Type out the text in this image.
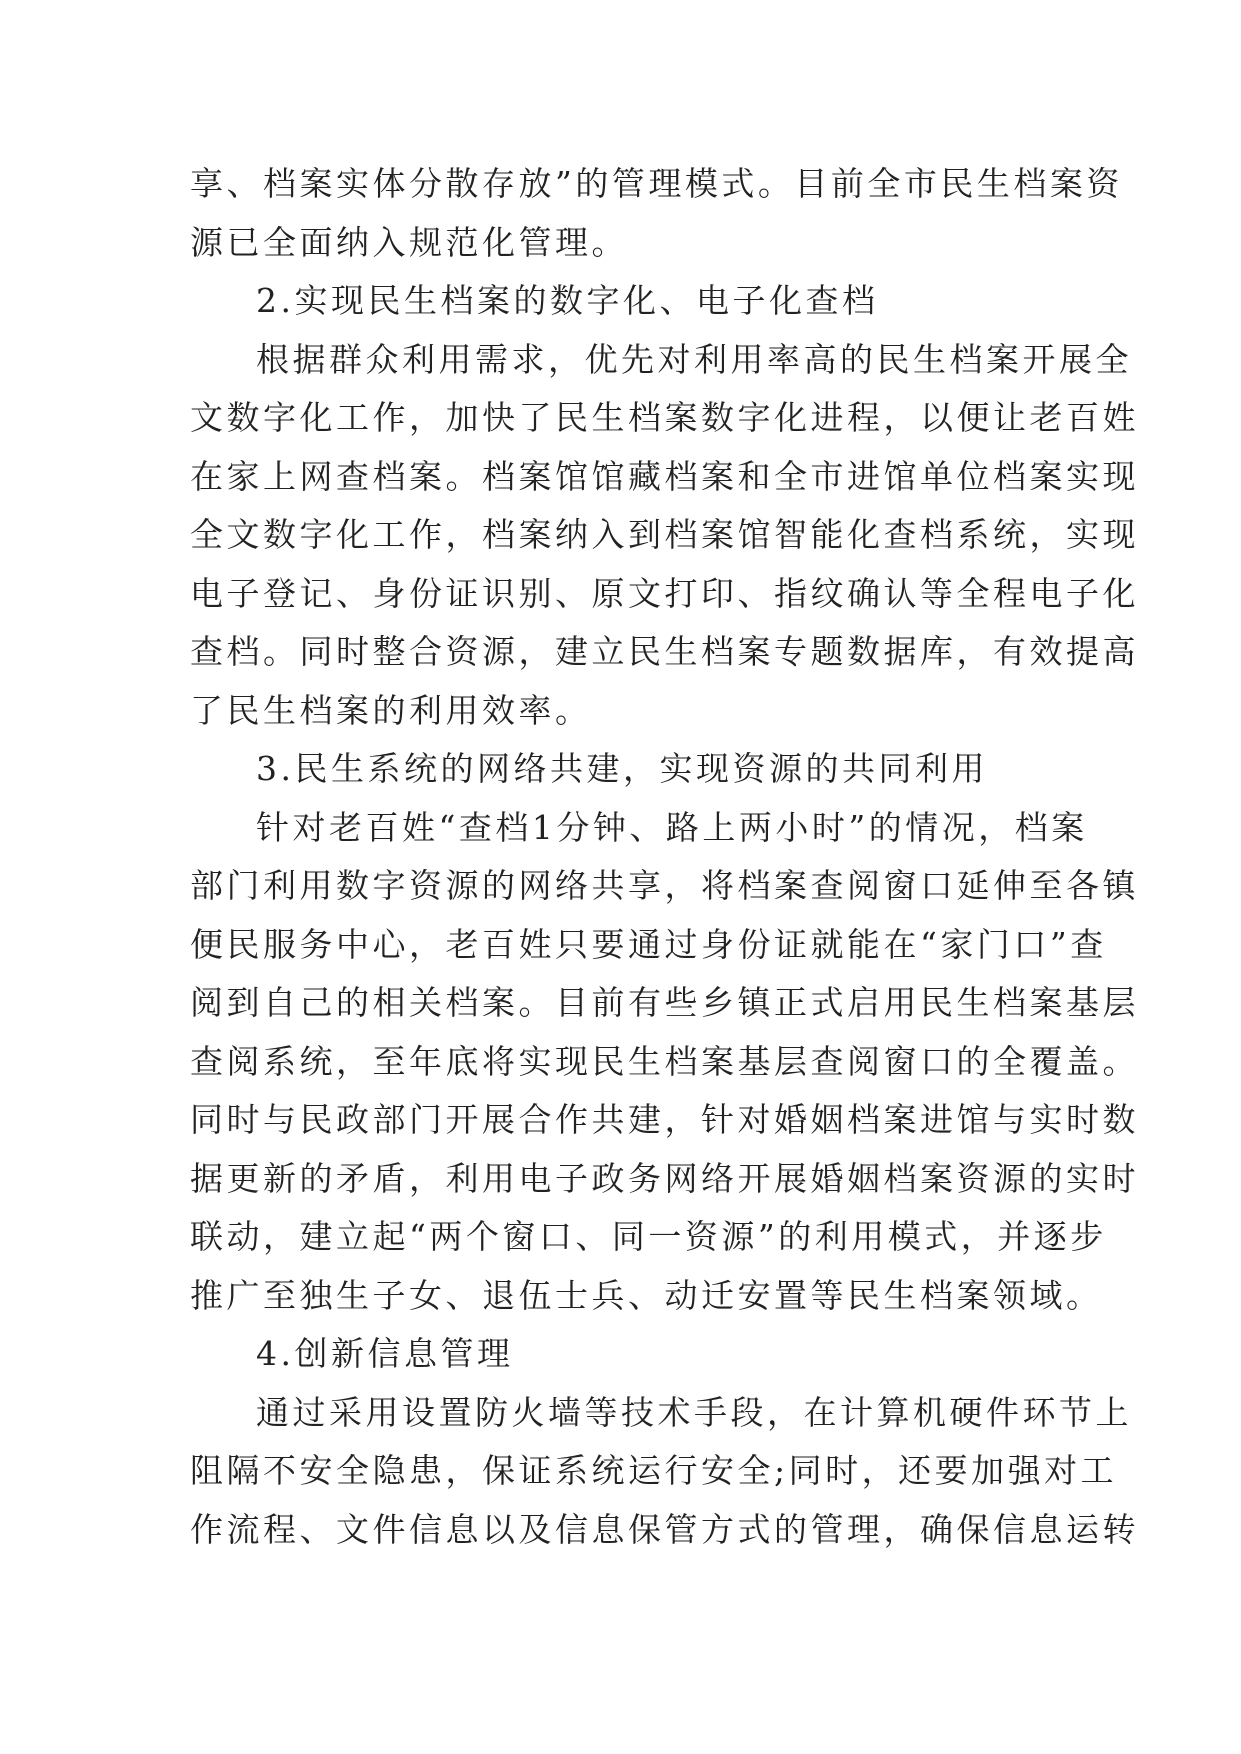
享、档案实体分散存放”的管理模式。目前全市民生档案资
源已全面纳入规范化管理。
2.实现民生档案的数字化、电子化查档
根据群众利用需求，优先对利用率高的民生档案开展全
文数字化工作，加快了民生档案数字化进程，以便让老百姓
在家上网查档案。档案馆馆藏档案和全市进馆单位档案实现
全文数字化工作，档案纳入到档案馆智能化查档系统，实现
电子登记、身份证识别、原文打印、指纹确认等全程电子化
查档。同时整合资源，建立民生档案专题数据库，有效提高
了民生档案的利用效率。
3.民生系统的网络共建，实现资源的共同利用
针对老百姓“查档1分钟、路上两小时”的情况，档案
部门利用数字资源的网络共享，将档案查阅窗口延伸至各镇
便民服务中心，老百姓只要通过身份证就能在“家门口”查
阅到自己的相关档案。目前有些乡镇正式启用民生档案基层
查阅系统，至年底将实现民生档案基层查阅窗口的全覆盖。
同时与民政部门开展合作共建，针对婚姻档案进馆与实时数
据更新的矛盾，利用电子政务网络开展婚姻档案资源的实时
联动，建立起“两个窗口、同一资源”的利用模式，并逐步
推广至独生子女、退伍士兵、动迁安置等民生档案领域。
4.创新信息管理
通过采用设置防火墙等技术手段，在计算机硬件环节上
阻隔不安全隐患，保证系统运行安全;同时，还要加强对工
作流程、文件信息以及信息保管方式的管理，确保信息运转
